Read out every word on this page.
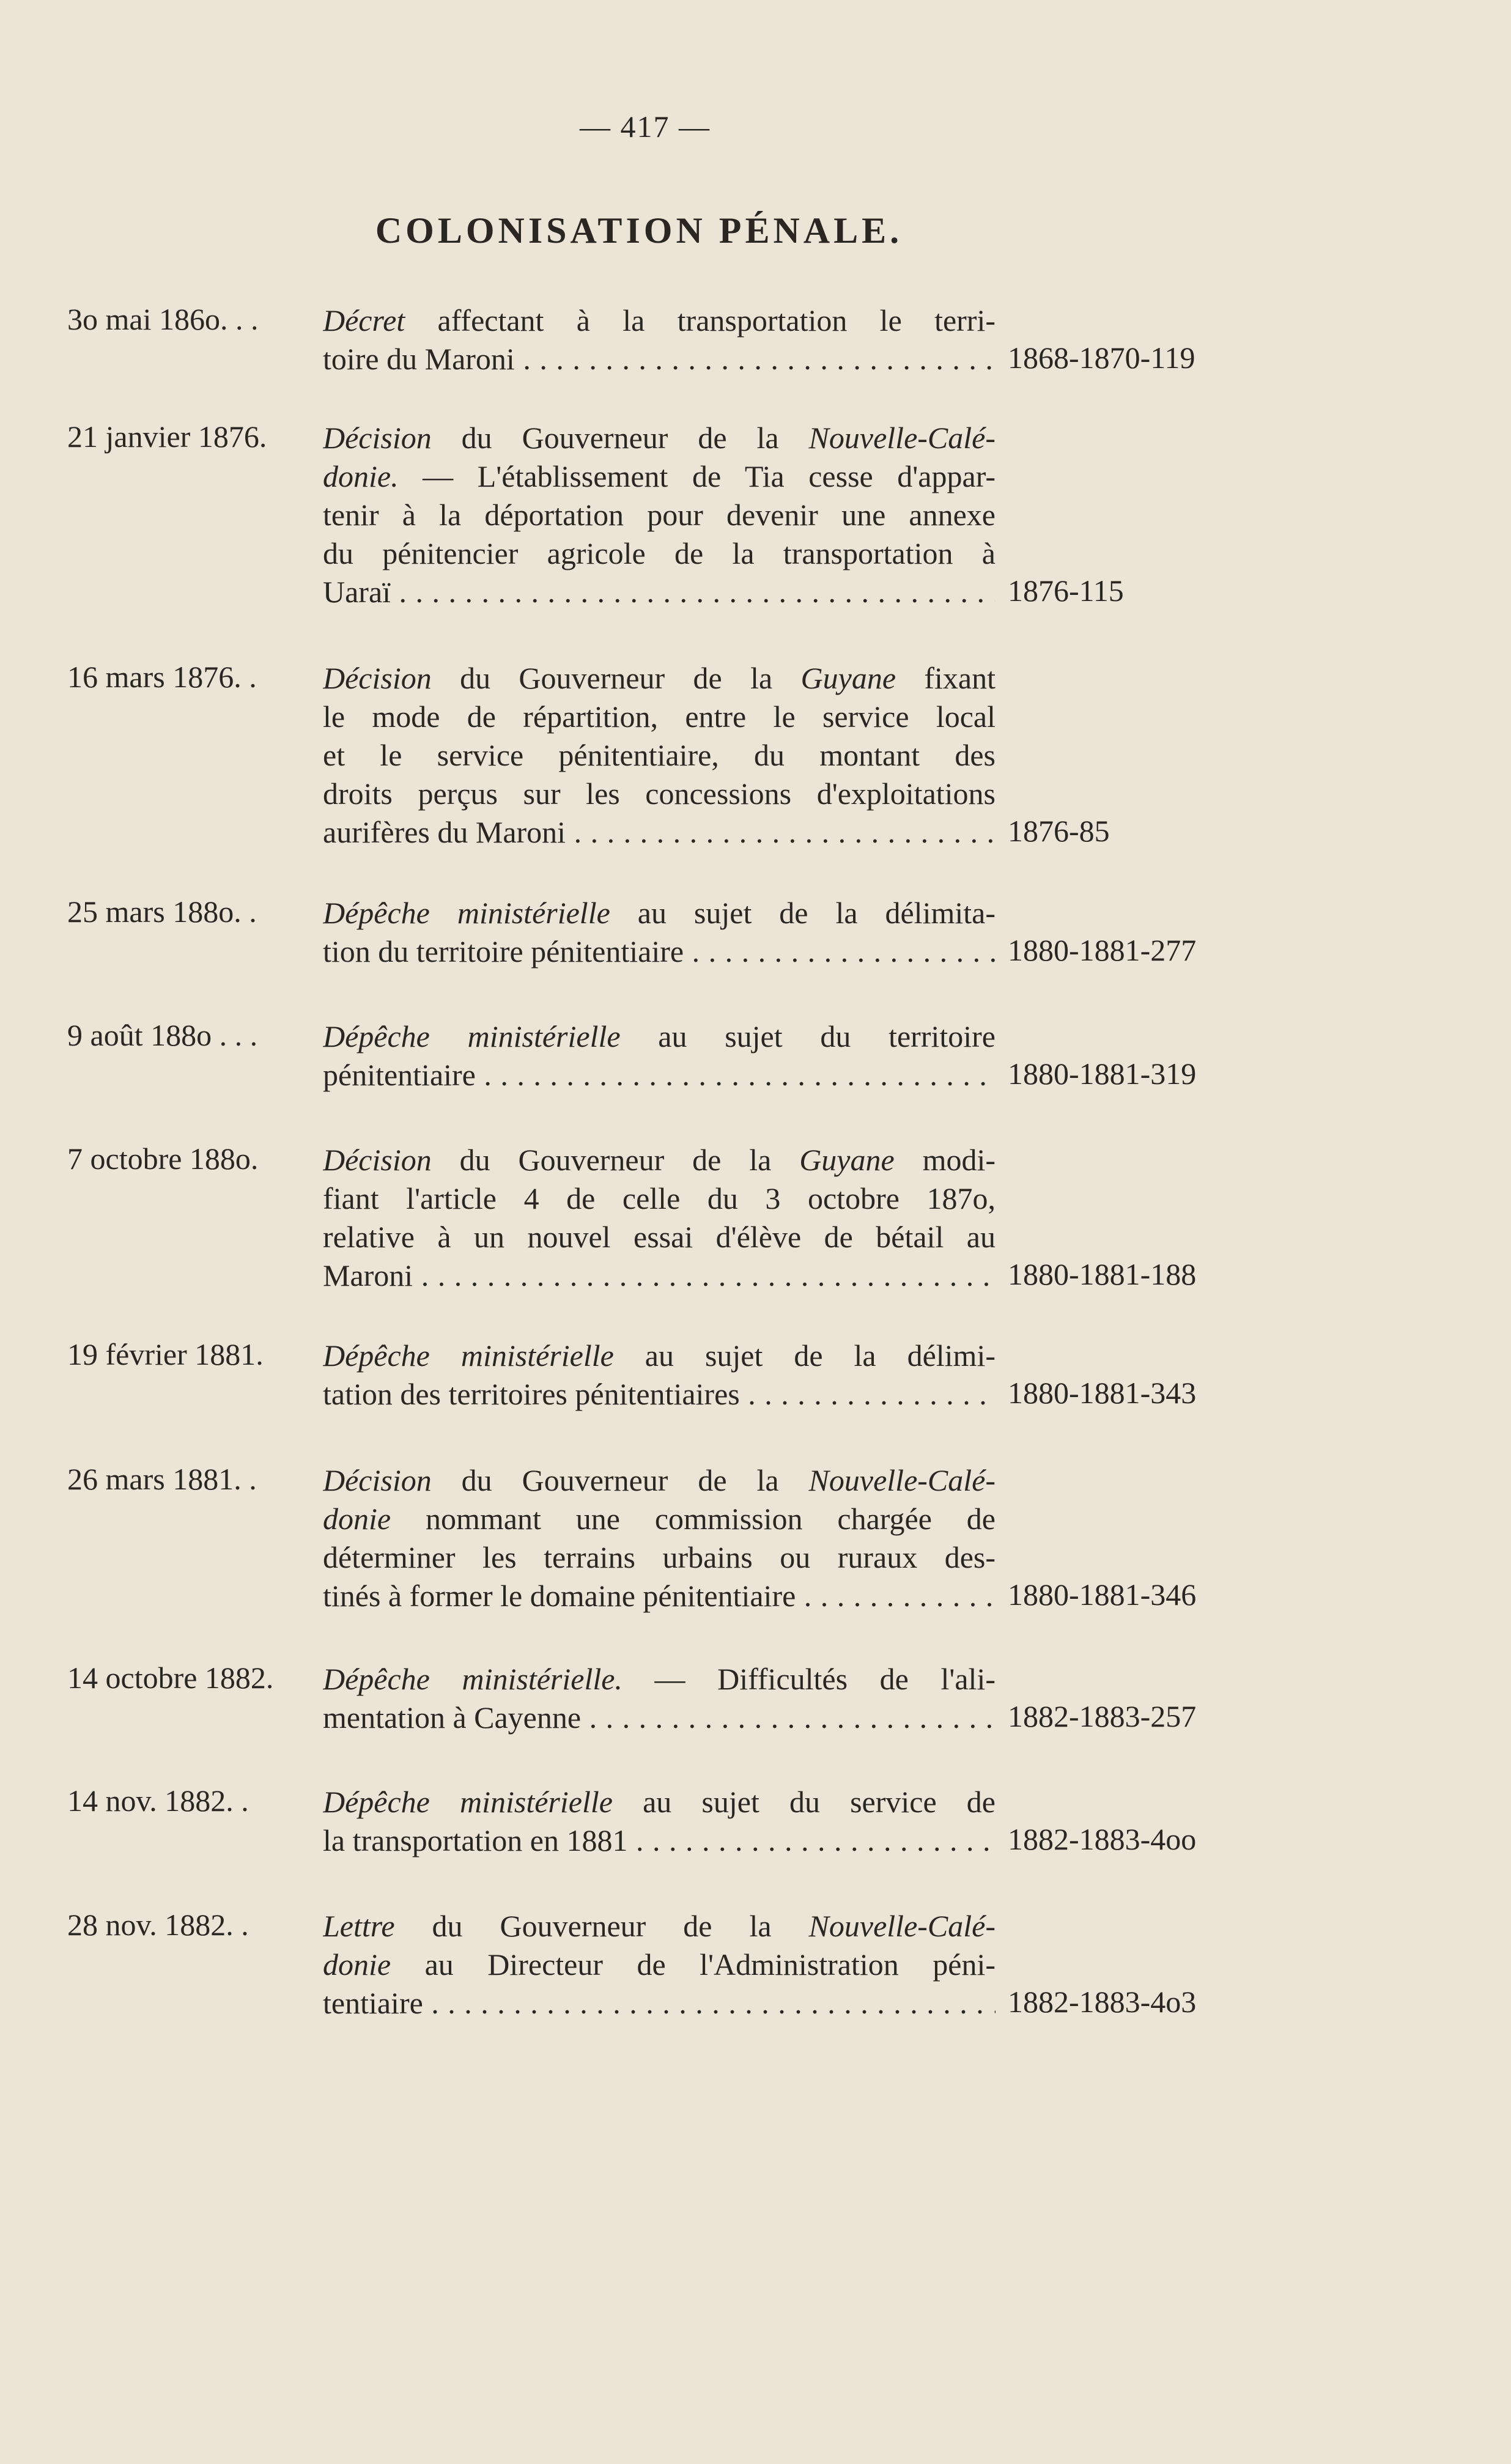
— 417 —
COLONISATION PÉNALE.
3o mai 186o. . . Décret affectant à la transportation le terri-
toire du Maroni . . .	1868-1870-119
21 janvier 1876. Décision du Gouverneur de la Nouvelle-Calé-
donie. — L'établissement de Tia cesse d'appar-
tenir à la déportation pour devenir une annexe
du pénitencier agricole de la transportation à
Uaraï . . .	1876-115
16 mars 1876. . Décision du Gouverneur de la Guyane fixant
le mode de répartition, entre le service local
et le service pénitentiaire, du montant des
droits perçus sur les concessions d'exploitations
aurifères du Maroni . . .	1876-85
25 mars 188o. . Dépêche ministérielle au sujet de la délimita-
tion du territoire pénitentiaire . . .	1880-1881-277
9 août 188o . . . Dépêche ministérielle au sujet du territoire
pénitentiaire . . .	1880-1881-319
7 octobre 188o. Décision du Gouverneur de la Guyane modi-
fiant l'article 4 de celle du 3 octobre 187o,
relative à un nouvel essai d'élève de bétail au
Maroni . . .	1880-1881-188
19 février 1881. Dépêche ministérielle au sujet de la délimi-
tation des territoires pénitentiaires . . .	1880-1881-343
26 mars 1881. . Décision du Gouverneur de la Nouvelle-Calé-
donie nommant une commission chargée de
déterminer les terrains urbains ou ruraux des-
tinés à former le domaine pénitentiaire . . .	1880-1881-346
14 octobre 1882. Dépêche ministérielle. — Difficultés de l'ali-
mentation à Cayenne . . .	1882-1883-257
14 nov. 1882. . Dépêche ministérielle au sujet du service de
la transportation en 1881 . . .	1882-1883-4oo
28 nov. 1882. . Lettre du Gouverneur de la Nouvelle-Calé-
donie au Directeur de l'Administration péni-
tentiaire . . .	1882-1883-4o3
